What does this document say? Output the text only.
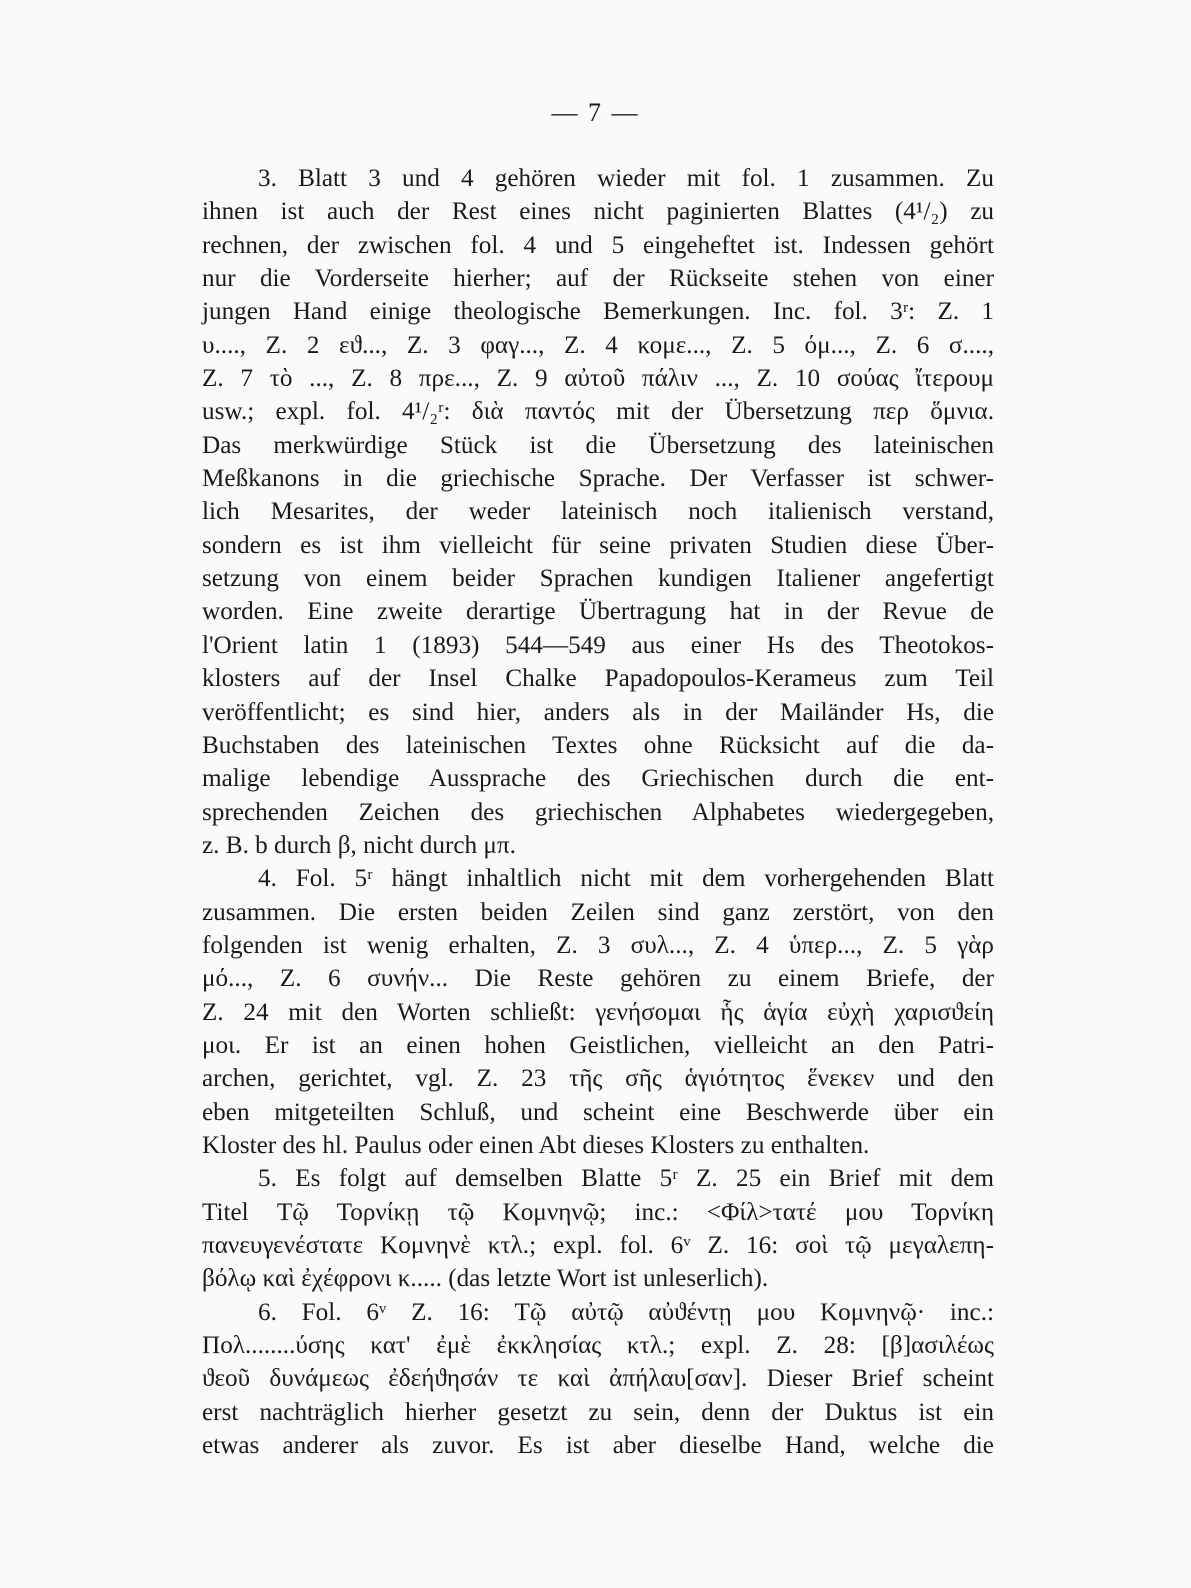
— 7 —

3. Blatt 3 und 4 gehören wieder mit fol. 1 zusammen. Zu
ihnen ist auch der Rest eines nicht paginierten Blattes (4¹/₂) zu
rechnen, der zwischen fol. 4 und 5 eingeheftet ist. Indessen gehört
nur die Vorderseite hierher; auf der Rückseite stehen von einer
jungen Hand einige theologische Bemerkungen. Inc. fol. 3ʳ: Z. 1
υ...., Z. 2 εϑ..., Z. 3 φαγ..., Z. 4 κομε..., Z. 5 όμ..., Z. 6 σ....,
Z. 7 τὸ ..., Z. 8 πρε..., Z. 9 αὐτοῦ πάλιν ..., Z. 10 σούας ἴτερουμ
usw.; expl. fol. 4¹/₂ʳ: διὰ παντός mit der Übersetzung περ ὅμνια.
Das merkwürdige Stück ist die Übersetzung des lateinischen
Meßkanons in die griechische Sprache. Der Verfasser ist schwer-
lich Mesarites, der weder lateinisch noch italienisch verstand,
sondern es ist ihm vielleicht für seine privaten Studien diese Über-
setzung von einem beider Sprachen kundigen Italiener angefertigt
worden. Eine zweite derartige Übertragung hat in der Revue de
l'Orient latin 1 (1893) 544—549 aus einer Hs des Theotokos-
klosters auf der Insel Chalke Papadopoulos-Kerameus zum Teil
veröffentlicht; es sind hier, anders als in der Mailänder Hs, die
Buchstaben des lateinischen Textes ohne Rücksicht auf die da-
malige lebendige Aussprache des Griechischen durch die ent-
sprechenden Zeichen des griechischen Alphabetes wiedergegeben,
z. B. b durch β, nicht durch μπ.

4. Fol. 5ʳ hängt inhaltlich nicht mit dem vorhergehenden Blatt
zusammen. Die ersten beiden Zeilen sind ganz zerstört, von den
folgenden ist wenig erhalten, Z. 3 συλ..., Z. 4 ὑπερ..., Z. 5 γὰρ
μό..., Z. 6 συνήν... Die Reste gehören zu einem Briefe, der
Z. 24 mit den Worten schließt: γενήσομαι ἧς ἁγία εὐχὴ χαρισϑείη
μοι. Er ist an einen hohen Geistlichen, vielleicht an den Patri-
archen, gerichtet, vgl. Z. 23 τῆς σῆς ἁγιότητος ἕνεκεν und den
eben mitgeteilten Schluß, und scheint eine Beschwerde über ein
Kloster des hl. Paulus oder einen Abt dieses Klosters zu enthalten.

5. Es folgt auf demselben Blatte 5ʳ Z. 25 ein Brief mit dem
Titel Τῷ Τορνίκῃ τῷ Κομνηνῷ; inc.: <Φίλ>τατέ μου Τορνίκη
πανευγενέστατε Κομνηνὲ κτλ.; expl. fol. 6ᵛ Z. 16: σοὶ τῷ μεγαλεπη-
βόλῳ καὶ ἐχέφρονι κ..... (das letzte Wort ist unleserlich).

6. Fol. 6ᵛ Z. 16: Τῷ αὐτῷ αὐϑέντῃ μου Κομνηνῷ· inc.:
Πολ........ύσης κατ' ἐμὲ ἐκκλησίας κτλ.; expl. Z. 28: [β]ασιλέως
ϑεοῦ δυνάμεως ἐδεήϑησάν τε καὶ ἀπήλαυ[σαν]. Dieser Brief scheint
erst nachträglich hierher gesetzt zu sein, denn der Duktus ist ein
etwas anderer als zuvor. Es ist aber dieselbe Hand, welche die
